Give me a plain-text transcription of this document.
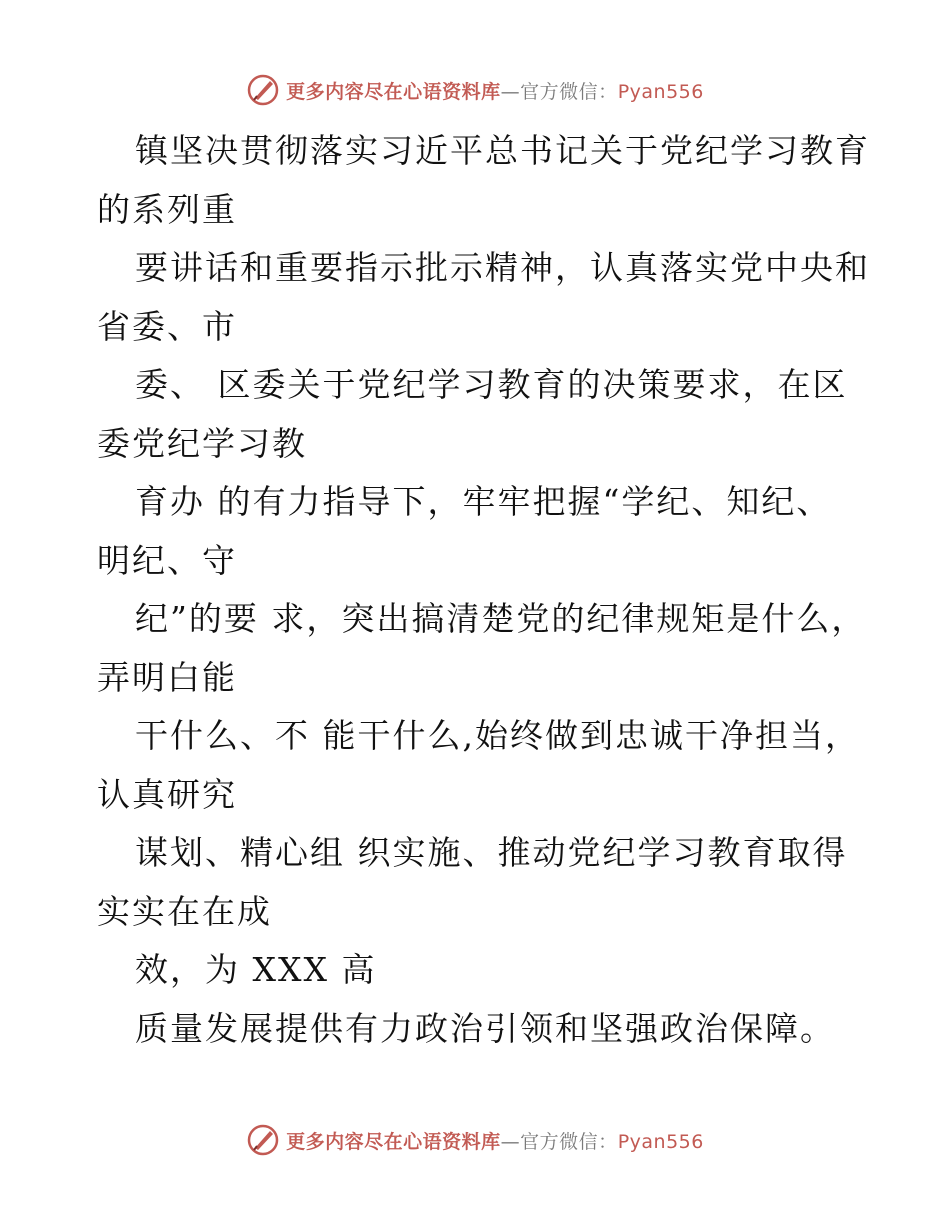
更多内容尽在心语资料库—官方微信：Pyan556
镇坚决贯彻落实习近平总书记关于党纪学习教育
的系列重
要讲话和重要指示批示精神，认真落实党中央和
省委、市
委、 区委关于党纪学习教育的决策要求，在区
委党纪学习教
育办 的有力指导下，牢牢把握“学纪、知纪、
明纪、守
纪”的要 求，突出搞清楚党的纪律规矩是什么，
弄明白能
干什么、不 能干什么,始终做到忠诚干净担当，
认真研究
谋划、精心组 织实施、推动党纪学习教育取得
实实在在成
效，为 XXX 高
质量发展提供有力政治引领和坚强政治保障。
更多内容尽在心语资料库—官方微信：Pyan556
